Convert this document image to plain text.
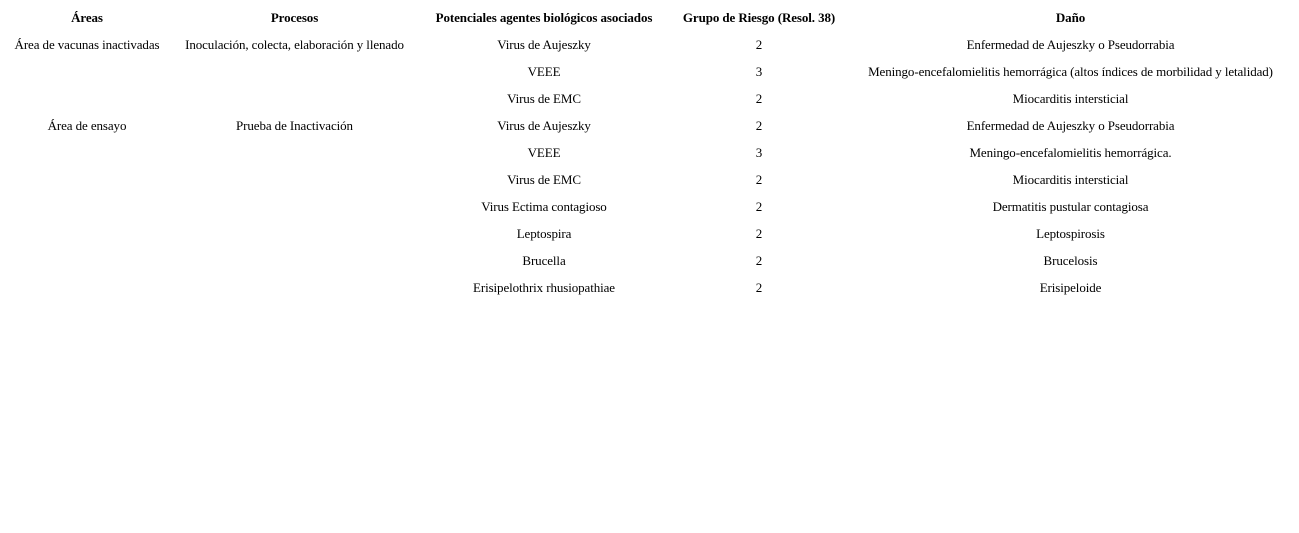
Áreas	Procesos	Potenciales agentes biológicos asociados	Grupo de Riesgo (Resol. 38)	Daño
Área de vacunas inactivadas	Inoculación, colecta, elaboración y llenado	Virus de Aujeszky	2	Enfermedad de Aujeszky o Pseudorrabia
		VEEE	3	Meningo-encefalomielitis hemorrágica (altos índices de morbilidad y letalidad)
		Virus de EMC	2	Miocarditis intersticial
Área de ensayo	Prueba de Inactivación	Virus de Aujeszky	2	Enfermedad de Aujeszky o Pseudorrabia
		VEEE	3	Meningo-encefalomielitis hemorrágica.
		Virus de EMC	2	Miocarditis intersticial
		Virus Ectima contagioso	2	Dermatitis pustular contagiosa
		Leptospira	2	Leptospirosis
		Brucella	2	Brucelosis
		Erisipelothrix rhusiopathiae	2	Erisipeloide
